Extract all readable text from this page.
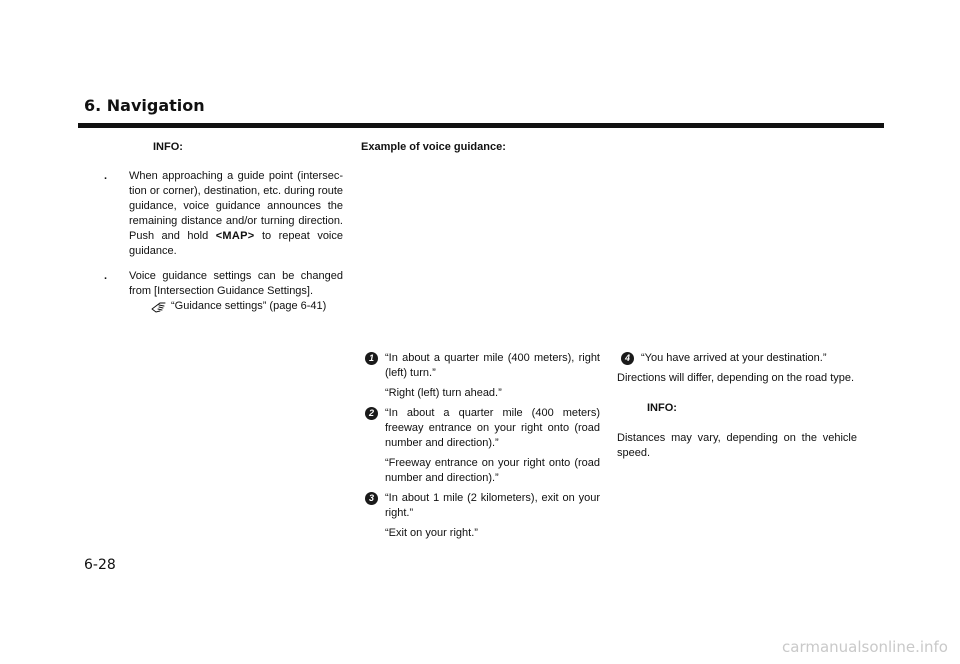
6. Navigation
INFO:
. When approaching a guide point (intersec-tion or corner), destination, etc. during route guidance, voice guidance announces the remaining distance and/or turning direction. Push and hold <MAP> to repeat voice guidance.

. Voice guidance settings can be changed from [Intersection Guidance Settings].

“Guidance settings” (page 6-41)
Example of voice guidance:
1	“In about a quarter mile (400 meters), right (left) turn.”

“Right (left) turn ahead.”

2	“In about a quarter mile (400 meters) freeway entrance on your right onto (road number and direction).”

“Freeway entrance on your right onto (road number and direction).”

3	“In about 1 mile (2 kilometers), exit on your right.”

“Exit on your right.”

4	“You have arrived at your destination.”

Directions will differ, depending on the road type.

INFO:

Distances may vary, depending on the vehicle speed.

6-28
carmanualsonline.info
